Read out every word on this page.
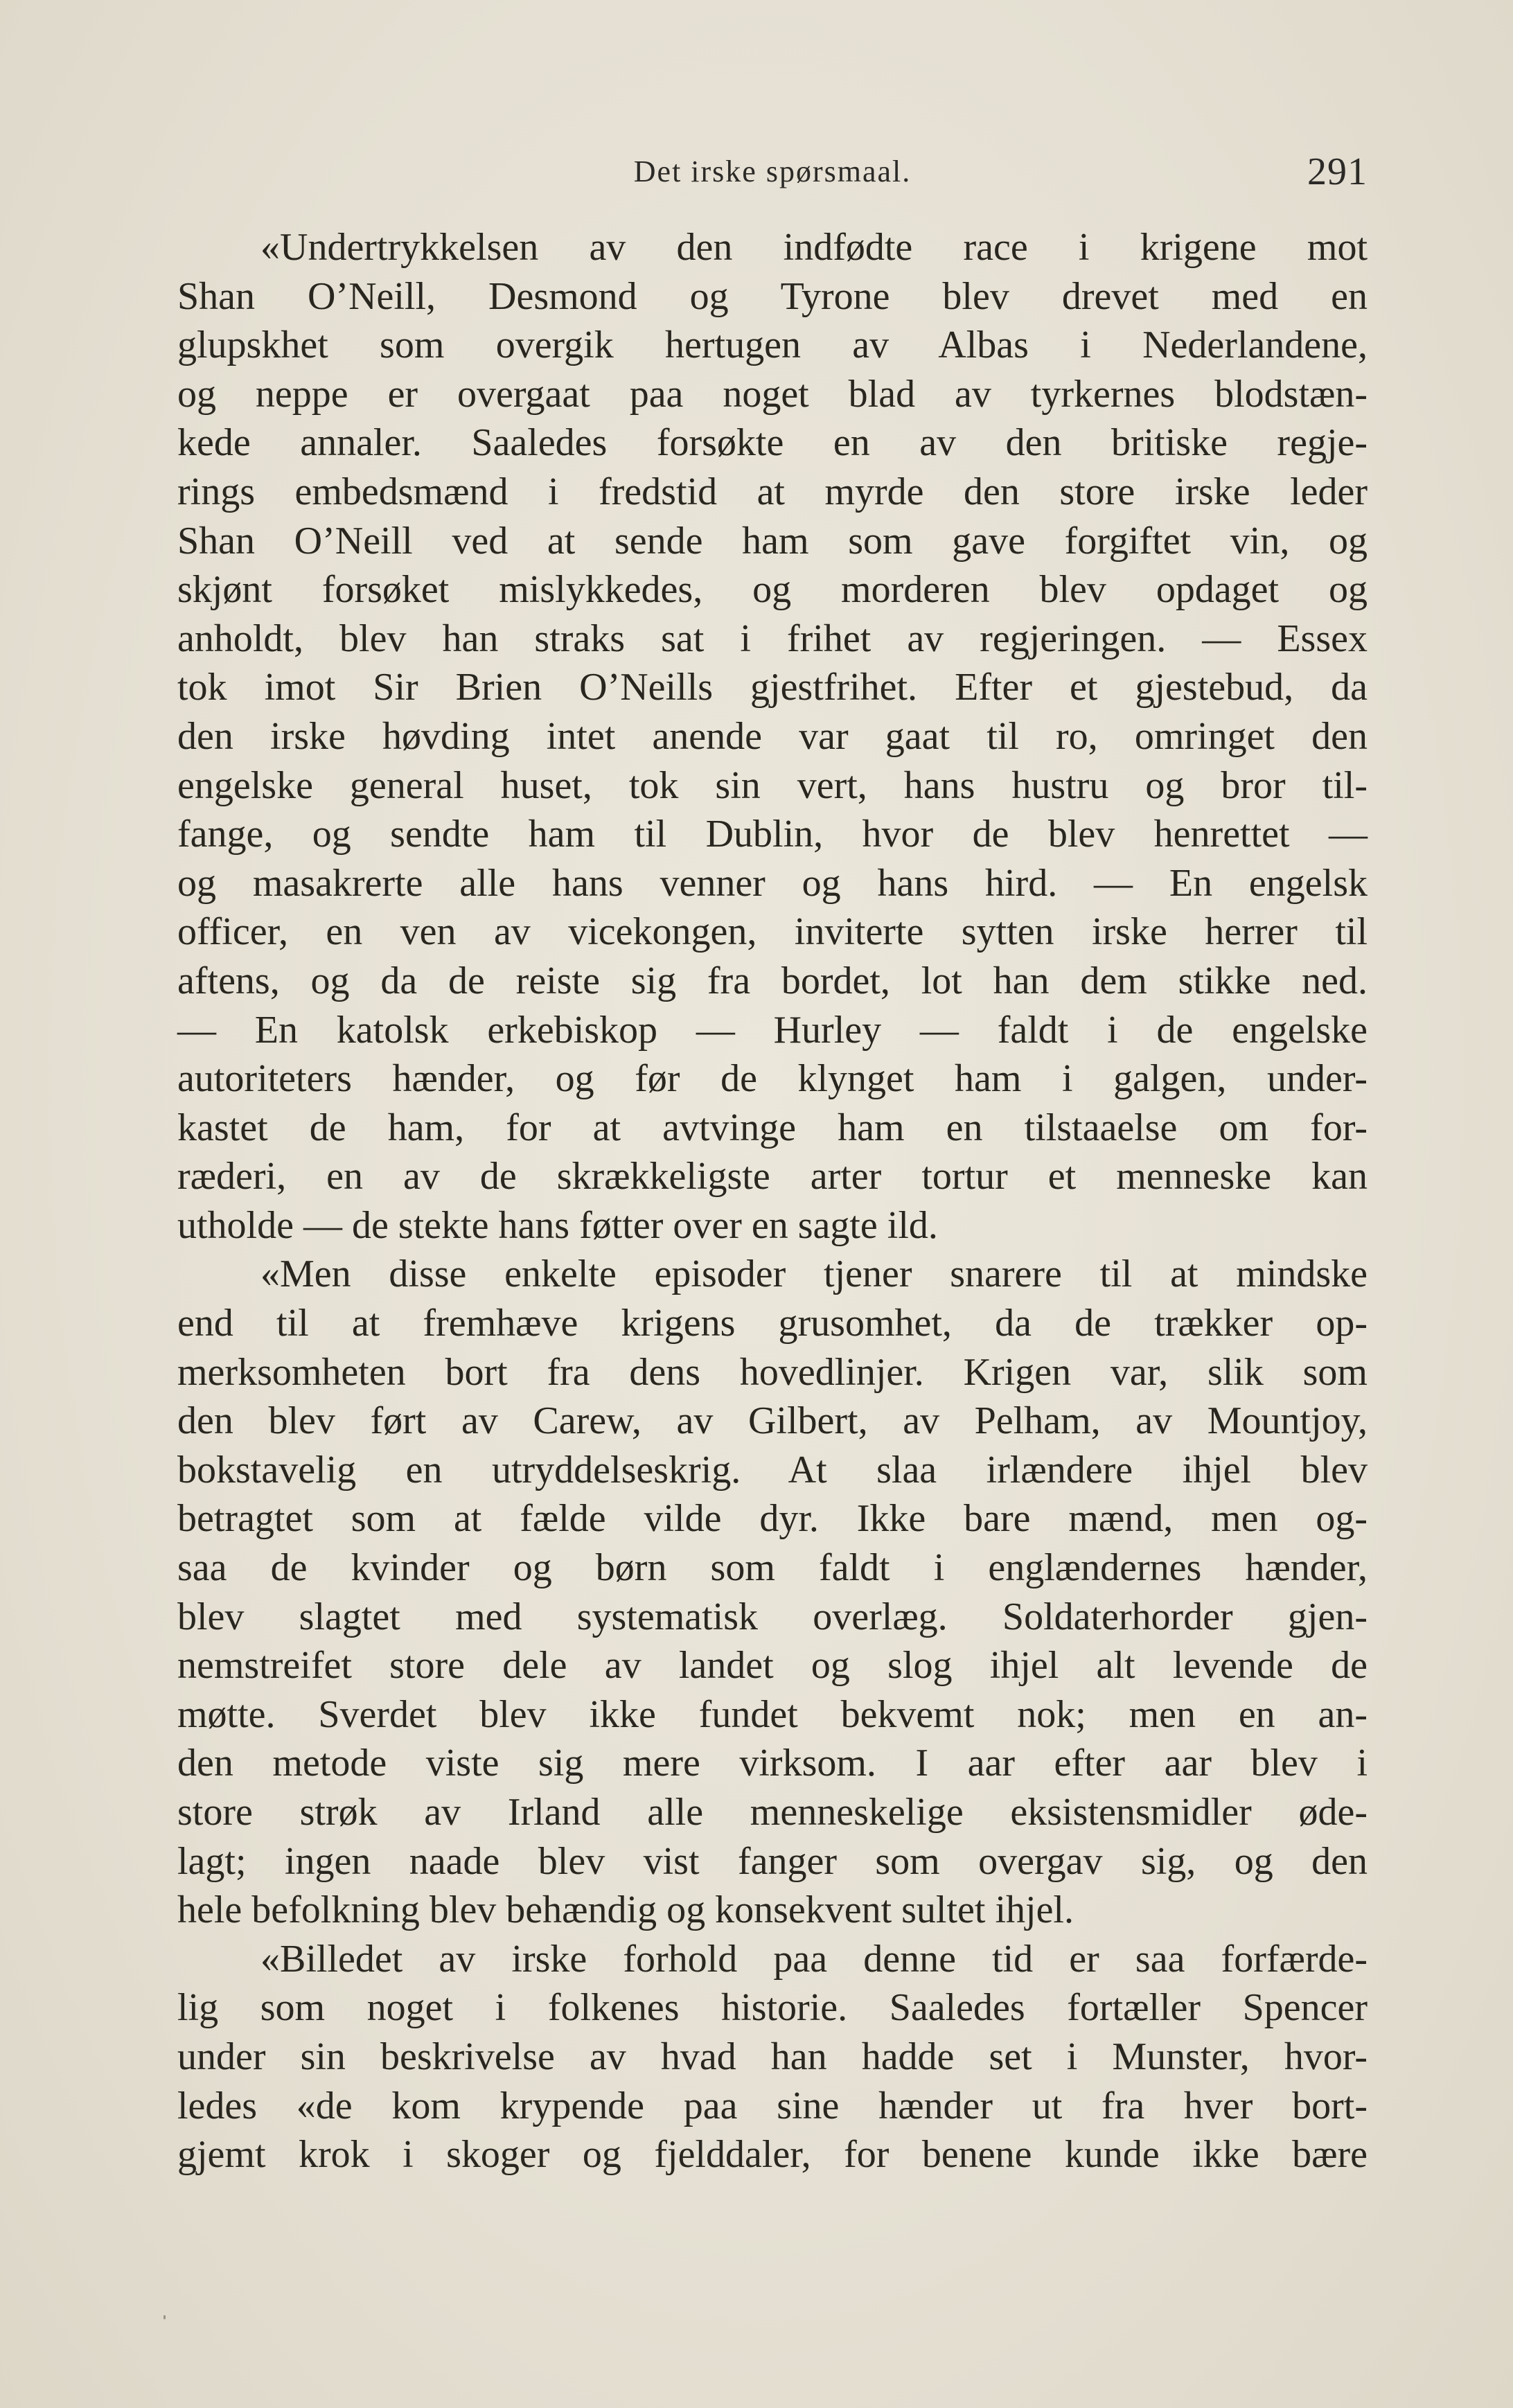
Det irske spørsmaal.	291
«Undertrykkelsen av den indfødte race i krigene mot
Shan O’Neill, Desmond og Tyrone blev drevet med en
glupskhet som overgik hertugen av Albas i Nederlandene,
og neppe er overgaat paa noget blad av tyrkernes blodstæn-
kede annaler. Saaledes forsøkte en av den britiske regje-
rings embedsmænd i fredstid at myrde den store irske leder
Shan O’Neill ved at sende ham som gave forgiftet vin, og
skjønt forsøket mislykkedes, og morderen blev opdaget og
anholdt, blev han straks sat i frihet av regjeringen. — Essex
tok imot Sir Brien O’Neills gjestfrihet. Efter et gjestebud, da
den irske høvding intet anende var gaat til ro, omringet den
engelske general huset, tok sin vert, hans hustru og bror til-
fange, og sendte ham til Dublin, hvor de blev henrettet —
og masakrerte alle hans venner og hans hird. — En engelsk
officer, en ven av vicekongen, inviterte sytten irske herrer til
aftens, og da de reiste sig fra bordet, lot han dem stikke ned.
— En katolsk erkebiskop — Hurley — faldt i de engelske
autoriteters hænder, og før de klynget ham i galgen, under-
kastet de ham, for at avtvinge ham en tilstaaelse om for-
ræderi, en av de skrækkeligste arter tortur et menneske kan
utholde — de stekte hans føtter over en sagte ild.
«Men disse enkelte episoder tjener snarere til at mindske
end til at fremhæve krigens grusomhet, da de trækker op-
merksomheten bort fra dens hovedlinjer. Krigen var, slik som
den blev ført av Carew, av Gilbert, av Pelham, av Mountjoy,
bokstavelig en utryddelseskrig. At slaa irlændere ihjel blev
betragtet som at fælde vilde dyr. Ikke bare mænd, men og-
saa de kvinder og børn som faldt i englændernes hænder,
blev slagtet med systematisk overlæg. Soldaterhorder gjen-
nemstreifet store dele av landet og slog ihjel alt levende de
møtte. Sverdet blev ikke fundet bekvemt nok; men en an-
den metode viste sig mere virksom. I aar efter aar blev i
store strøk av Irland alle menneskelige eksistensmidler øde-
lagt; ingen naade blev vist fanger som overgav sig, og den
hele befolkning blev behændig og konsekvent sultet ihjel.
«Billedet av irske forhold paa denne tid er saa forfærde-
lig som noget i folkenes historie. Saaledes fortæller Spencer
under sin beskrivelse av hvad han hadde set i Munster, hvor-
ledes «de kom krypende paa sine hænder ut fra hver bort-
gjemt krok i skoger og fjelddaler, for benene kunde ikke bære
